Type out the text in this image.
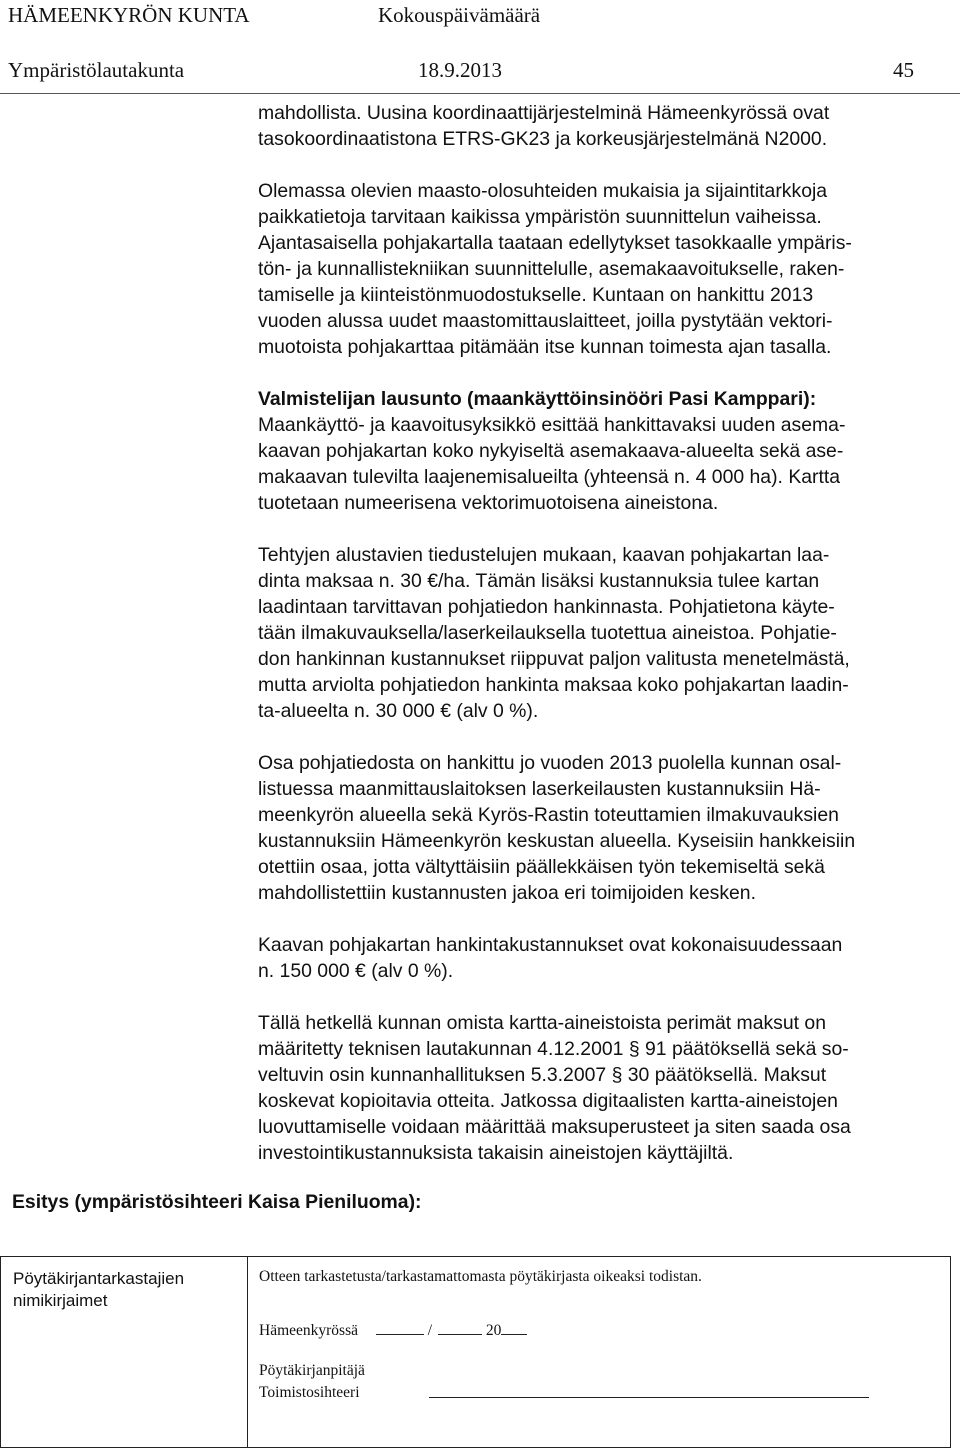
HÄMEENKYRÖN KUNTA	Kokouspäivämäärä
Ympäristölautakunta	18.9.2013	45

mahdollista. Uusina koordinaattijärjestelminä Hämeenkyrössä ovat
tasokoordinaatistona ETRS-GK23 ja korkeusjärjestelmänä N2000.

Olemassa olevien maasto-olosuhteiden mukaisia ja sijaintitarkkoja
paikkatietoja tarvitaan kaikissa ympäristön suunnittelun vaiheissa.
Ajantasaisella pohjakartalla taataan edellytykset tasokkaalle ympäris-
tön- ja kunnallistekniikan suunnittelulle, asemakaavoitukselle, raken-
tamiselle ja kiinteistönmuodostukselle. Kuntaan on hankittu 2013
vuoden alussa uudet maastomittauslaitteet, joilla pystytään vektori-
muotoista pohjakarttaa pitämään itse kunnan toimesta ajan tasalla.

Valmistelijan lausunto (maankäyttöinsinööri Pasi Kamppari):
Maankäyttö- ja kaavoitusyksikkö esittää hankittavaksi uuden asema-
kaavan pohjakartan koko nykyiseltä asemakaava-alueelta sekä ase-
makaavan tulevilta laajenemisalueilta (yhteensä n. 4 000 ha). Kartta
tuotetaan numeerisena vektorimuotoisena aineistona.

Tehtyjen alustavien tiedustelujen mukaan, kaavan pohjakartan laa-
dinta maksaa n. 30 €/ha. Tämän lisäksi kustannuksia tulee kartan
laadintaan tarvittavan pohjatiedon hankinnasta. Pohjatietona käyte-
tään ilmakuvauksella/laserkeilauksella tuotettua aineistoa. Pohjatie-
don hankinnan kustannukset riippuvat paljon valitusta menetelmästä,
mutta arviolta pohjatiedon hankinta maksaa koko pohjakartan laadin-
ta-alueelta n. 30 000 € (alv 0 %).

Osa pohjatiedosta on hankittu jo vuoden 2013 puolella kunnan osal-
listuessa maanmittauslaitoksen laserkeilausten kustannuksiin Hä-
meenkyrön alueella sekä Kyrös-Rastin toteuttamien ilmakuvauksien
kustannuksiin Hämeenkyrön keskustan alueella. Kyseisiin hankkeisiin
otettiin osaa, jotta vältyttäisiin päällekkäisen työn tekemiseltä sekä
mahdollistettiin kustannusten jakoa eri toimijoiden kesken.

Kaavan pohjakartan hankintakustannukset ovat kokonaisuudessaan
n. 150 000 € (alv 0 %).

Tällä hetkellä kunnan omista kartta-aineistoista perimät maksut on
määritetty teknisen lautakunnan 4.12.2001 § 91 päätöksellä sekä so-
veltuvin osin kunnanhallituksen 5.3.2007 § 30 päätöksellä. Maksut
koskevat kopioitavia otteita. Jatkossa digitaalisten kartta-aineistojen
luovuttamiselle voidaan määrittää maksuperusteet ja siten saada osa
investointikustannuksista takaisin aineistojen käyttäjiltä.

Esitys (ympäristösihteeri Kaisa Pieniluoma):
Pöytäkirjantarkastajien
nimikirjaimet
Otteen tarkastetusta/tarkastamattomasta pöytäkirjasta oikeaksi todistan.
Hämeenkyrössä	/	20
Pöytäkirjanpitäjä
Toimistosihteeri
